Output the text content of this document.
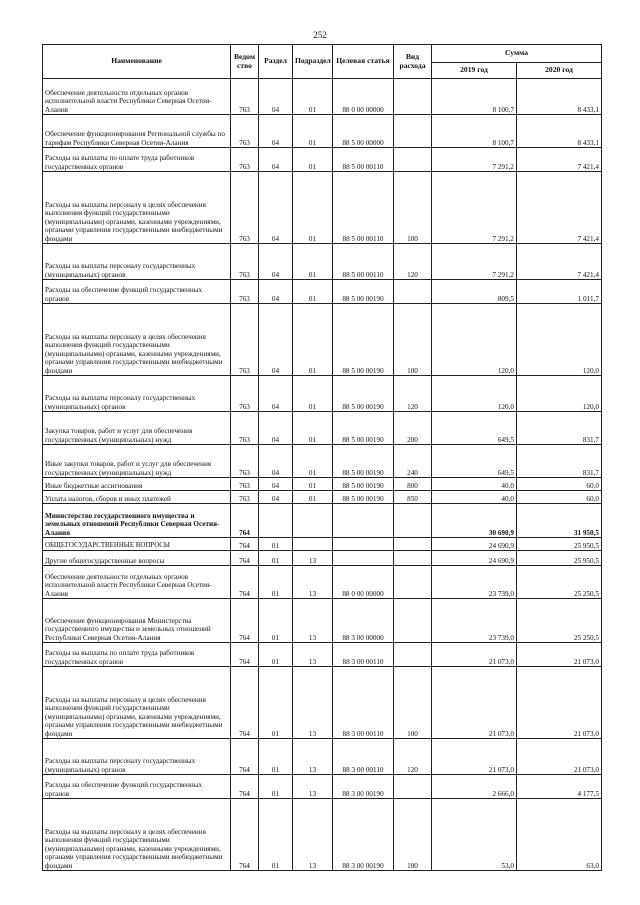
252
Наименование	Ведом ство	Раздел	Подраздел	Целевая статья	Вид расхода	Сумма	
						2019 год	2020 год
Обеспечение деятельности отдельных органов исполнительной власти Республики Северная Осетия-Алания	763	04	01	88 0 00 00000		8 100,7	8 433,1
Обеспечение функционирования Региональной службы по тарифам Республики Северная Осетия-Алания	763	04	01	88 5 00 00000		8 100,7	8 433,1
Расходы на выплаты по оплате труда работников государственных органов	763	04	01	88 5 00 00110		7 291,2	7 421,4
Расходы на выплаты персоналу в целях обеспечения выполнения функций государственными (муниципальными) органами, казенными учреждениями, органами управления государственными внебюджетными фондами	763	04	01	88 5 00 00110	100	7 291,2	7 421,4
Расходы на выплаты персоналу государственных (муниципальных) органов	763	04	01	88 5 00 00110	120	7 291,2	7 421,4
Расходы на обеспечение функций государственных органов	763	04	01	88 5 00 00190		809,5	1 011,7
Расходы на выплаты персоналу в целях обеспечения выполнения функций государственными (муниципальными) органами, казенными учреждениями, органами управления государственными внебюджетными фондами	763	04	01	88 5 00 00190	100	120,0	120,0
Расходы на выплаты персоналу государственных (муниципальных) органов	763	04	01	88 5 00 00190	120	120,0	120,0
Закупка товаров, работ и услуг для обеспечения государственных (муниципальных) нужд	763	04	01	88 5 00 00190	200	649,5	831,7
Иные закупки товаров, работ и услуг для обеспечения государственных (муниципальных) нужд	763	04	01	88 5 00 00190	240	649,5	831,7
Иные бюджетные ассигнования	763	04	01	88 5 00 00190	800	40,0	60,0
Уплата налогов, сборов и иных платежей	763	04	01	88 5 00 00190	850	40,0	60,0
Министерство государственного имущества и земельных отношений Республики Северная Осетия-Алания	764					30 690,9	31 950,5
ОБЩЕГОСУДАРСТВЕННЫЕ ВОПРОСЫ	764	01				24 690,9	25 950,5
Другие общегосударственные вопросы	764	01	13			24 690,9	25 950,5
Обеспечение деятельности отдельных органов исполнительной власти Республики Северная Осетия-Алания	764	01	13	88 0 00 00000		23 739,0	25 250,5
Обеспечение функционирования Министерства государственного имущества и земельных отношений Республики Северная Осетия-Алания	764	01	13	88 3 00 00000		23 739,0	25 250,5
Расходы на выплаты по оплате труда работников государственных органов	764	01	13	88 3 00 00110		21 073,0	21 073,0
Расходы на выплаты персоналу в целях обеспечения выполнения функций государственными (муниципальными) органами, казенными учреждениями, органами управления государственными внебюджетными фондами	764	01	13	88 3 00 00110	100	21 073,0	21 073,0
Расходы на выплаты персоналу государственных (муниципальных) органов	764	01	13	88 3 00 00110	120	21 073,0	21 073,0
Расходы на обеспечение функций государственных органов	764	01	13	88 3 00 00190		2 666,0	4 177,5
Расходы на выплаты персоналу в целях обеспечения выполнения функций государственными (муниципальными) органами, казенными учреждениями, органами управления государственными внебюджетными фондами	764	01	13	88 3 00 00190	100	53,0	63,0
